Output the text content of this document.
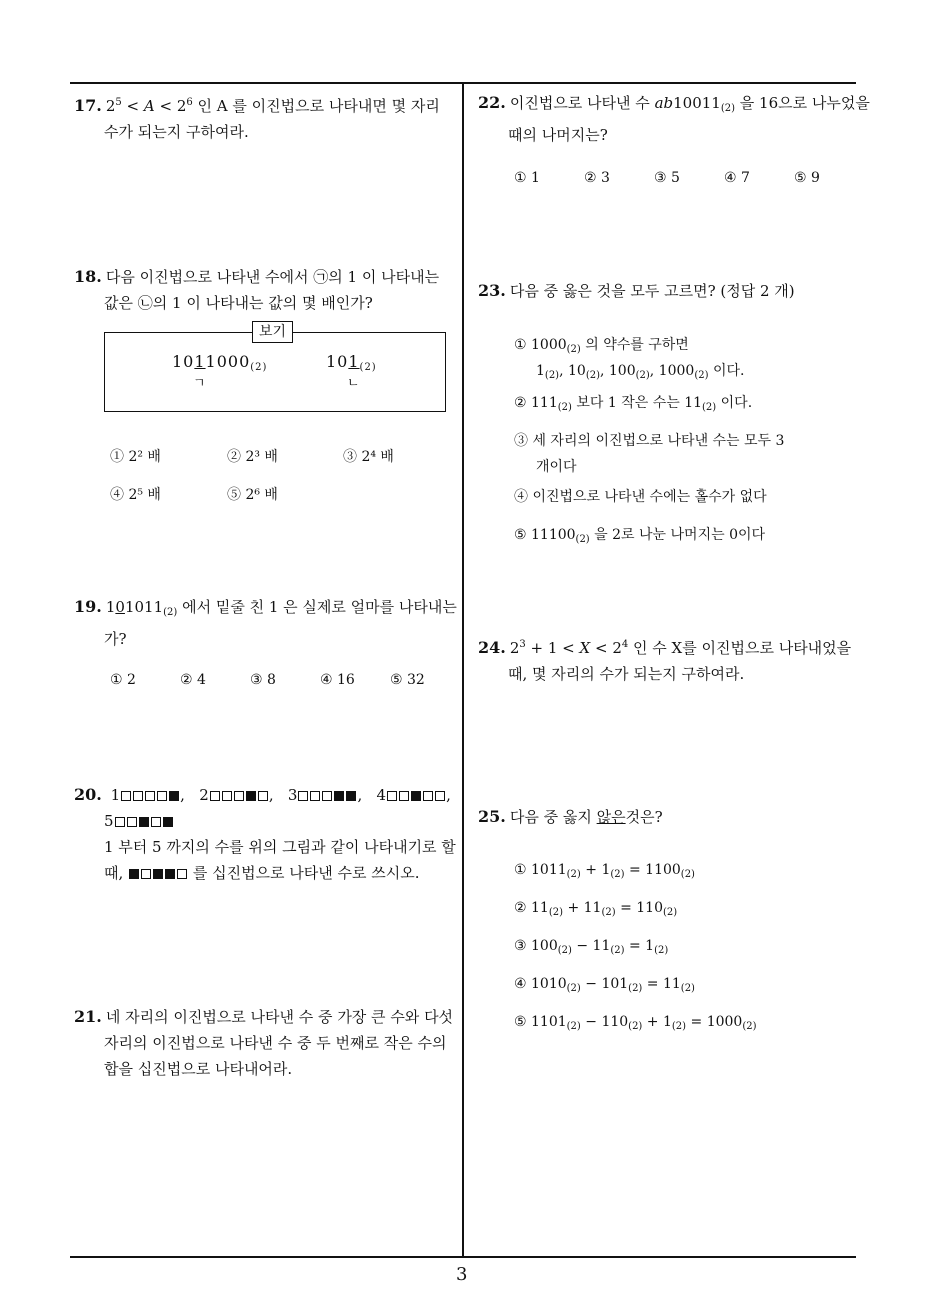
17. $2^5 < A < 2^6$ 인 A 를 이진법으로 나타내면 몇 자리
수가 되는지 구하여라.
18. 다음 이진법으로 나타낸 수에서 ㉠의 1 이 나타내는
값은 ㉡의 1 이 나타내는 값의 몇 배인가?
보기
$1011000_{(2)}$
ㄱ
$101_{(2)}$
ㄴ
① 2² 배	② 2³ 배	③ 2⁴ 배
④ 2⁵ 배	⑤ 2⁶ 배
19. $101011_{(2)}$ 에서 밑줄 친 1 은 실제로 얼마를 나타내는
가?
① 2	② 4	③ 8	④ 16	⑤ 32
20. 1	, 2	, 3	, 4	,
5
1 부터 5 까지의 수를 위의 그림과 같이 나타내기로 할
때,	를 십진법으로 나타낸 수로 쓰시오.
21. 네 자리의 이진법으로 나타낸 수 중 가장 큰 수와 다섯
자리의 이진법으로 나타낸 수 중 두 번째로 작은 수의
합을 십진법으로 나타내어라.
22. 이진법으로 나타낸 수 $ab10011_{(2)}$ 을 16으로 나누었을
때의 나머지는?
① 1	② 3	③ 5	④ 7	⑤ 9
23. 다음 중 옳은 것을 모두 고르면? (정답 2 개)
① $1000_{(2)}$ 의 약수를 구하면
$1_{(2)}$, $10_{(2)}$, $100_{(2)}$, $1000_{(2)}$ 이다.
② $111_{(2)}$ 보다 1 작은 수는 $11_{(2)}$ 이다.
③ 세 자리의 이진법으로 나타낸 수는 모두 3
개이다
④ 이진법으로 나타낸 수에는 홀수가 없다
⑤ $11100_{(2)}$ 을 2로 나눈 나머지는 0이다
24. $2^3 + 1 < X < 2^4$ 인 수 X를 이진법으로 나타내었을
때, 몇 자리의 수가 되는지 구하여라.
25. 다음 중 옳지 않은것은?
① $1011_{(2)} + 1_{(2)} = 1100_{(2)}$
② $11_{(2)} + 11_{(2)} = 110_{(2)}$
③ $100_{(2)} - 11_{(2)} = 1_{(2)}$
④ $1010_{(2)} - 101_{(2)} = 11_{(2)}$
⑤ $1101_{(2)} - 110_{(2)} + 1_{(2)} = 1000_{(2)}$
3
